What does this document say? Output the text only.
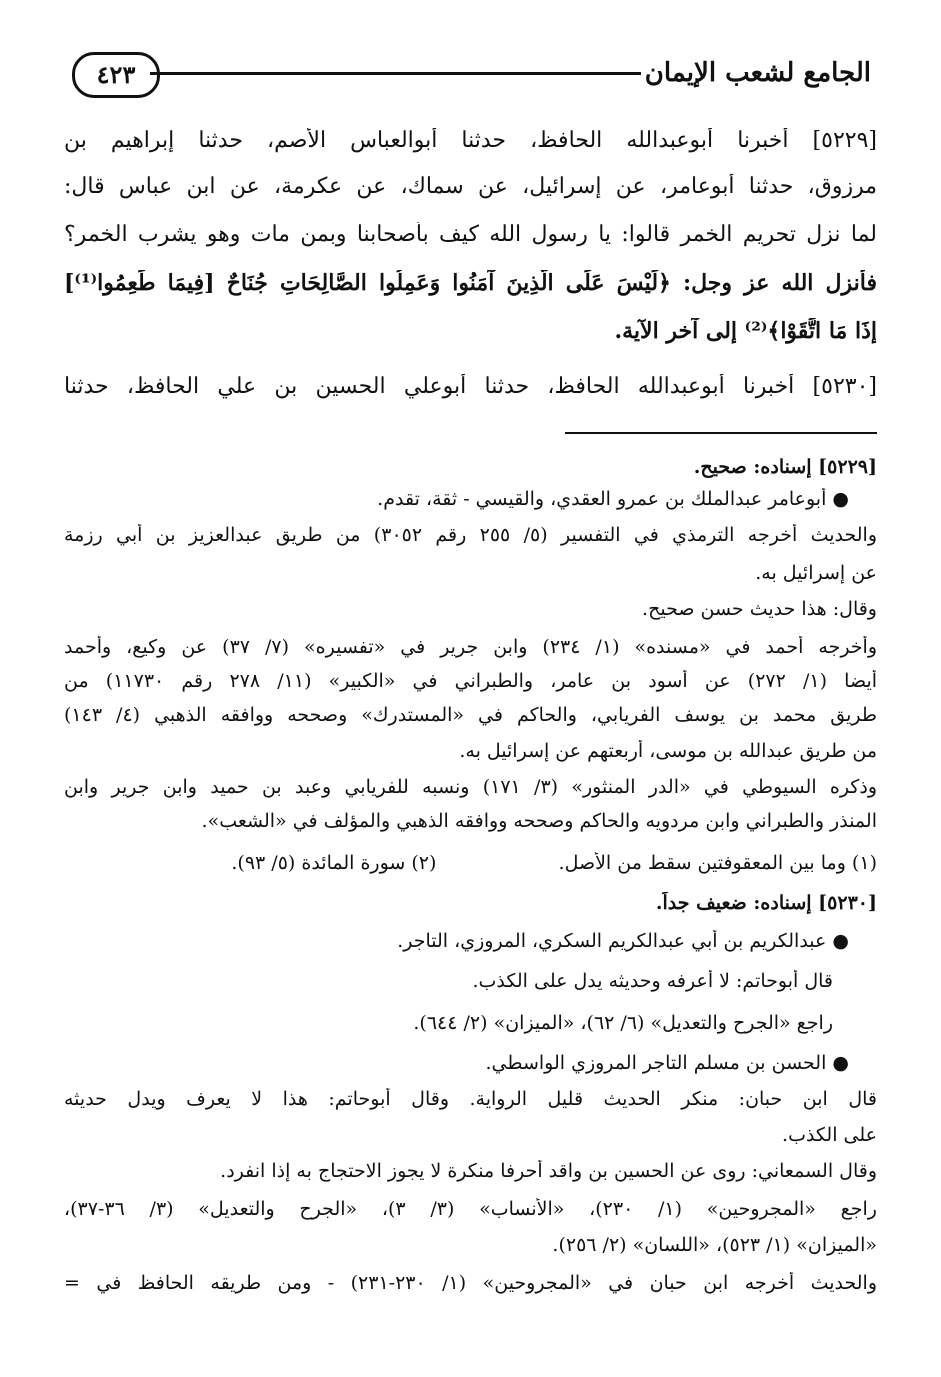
الجامع لشعب الإيمان
٤٢٣
[٥٢٢٩] أخبرنا أبوعبدالله الحافظ، حدثنا أبوالعباس الأصم، حدثنا إبراهيم بن
مرزوق، حدثنا أبوعامر، عن إسرائيل، عن سماك، عن عكرمة، عن ابن عباس قال:
لما نزل تحريم الخمر قالوا: يا رسول الله كيف بأصحابنا وبمن مات وهو يشرب الخمر؟
فأنزل الله عز وجل: ﴿لَيْسَ عَلَى الَّذِينَ آمَنُوا وَعَمِلُوا الصَّالِحَاتِ جُنَاحٌ [فِيمَا طَعِمُوا⁽¹⁾]
إِذَا مَا اتَّقَوْا﴾⁽²⁾ إلى آخر الآية.
[٥٢٣٠] أخبرنا أبوعبدالله الحافظ، حدثنا أبوعلي الحسين بن علي الحافظ، حدثنا
[٥٢٢٩] إسناده: صحيح.
● أبوعامر عبدالملك بن عمرو العقدي، والقيسي - ثقة، تقدم.
والحديث أخرجه الترمذي في التفسير (٥/ ٢٥٥ رقم ٣٠٥٢) من طريق عبدالعزيز بن أبي رزمة
عن إسرائيل به.
وقال: هذا حديث حسن صحيح.
وأخرجه أحمد في «مسنده» (١/ ٢٣٤) وابن جرير في «تفسيره» (٧/ ٣٧) عن وكيع، وأحمد
أيضا (١/ ٢٧٢) عن أسود بن عامر، والطبراني في «الكبير» (١١/ ٢٧٨ رقم ١١٧٣٠) من
طريق محمد بن يوسف الفريابي، والحاكم في «المستدرك» وصححه ووافقه الذهبي (٤/ ١٤٣)
من طريق عبدالله بن موسى، أربعتهم عن إسرائيل به.
وذكره السيوطي في «الدر المنثور» (٣/ ١٧١) ونسبه للفريابي وعبد بن حميد وابن جرير وابن
المنذر والطبراني وابن مردويه والحاكم وصححه ووافقه الذهبي والمؤلف في «الشعب».
(١) وما بين المعقوفتين سقط من الأصل.  (٢) سورة المائدة (٥/ ٩٣).
[٥٢٣٠] إسناده: ضعيف جداً.
● عبدالكريم بن أبي عبدالكريم السكري، المروزي، التاجر.
قال أبوحاتم: لا أعرفه وحديثه يدل على الكذب.
راجع «الجرح والتعديل» (٦/ ٦٢)، «الميزان» (٢/ ٦٤٤).
● الحسن بن مسلم التاجر المروزي الواسطي.
قال ابن حبان: منكر الحديث قليل الرواية. وقال أبوحاتم: هذا لا يعرف ويدل حديثه
على الكذب.
وقال السمعاني: روى عن الحسين بن واقد أحرفا منكرة لا يجوز الاحتجاج به إذا انفرد.
راجع «المجروحين» (١/ ٢٣٠)، «الأنساب» (٣/ ٣)، «الجرح والتعديل» (٣/ ٣٦-٣٧)،
«الميزان» (١/ ٥٢٣)، «اللسان» (٢/ ٢٥٦).
والحديث أخرجه ابن حبان في «المجروحين» (١/ ٢٣٠-٢٣١) - ومن طريقه الحافظ في =
